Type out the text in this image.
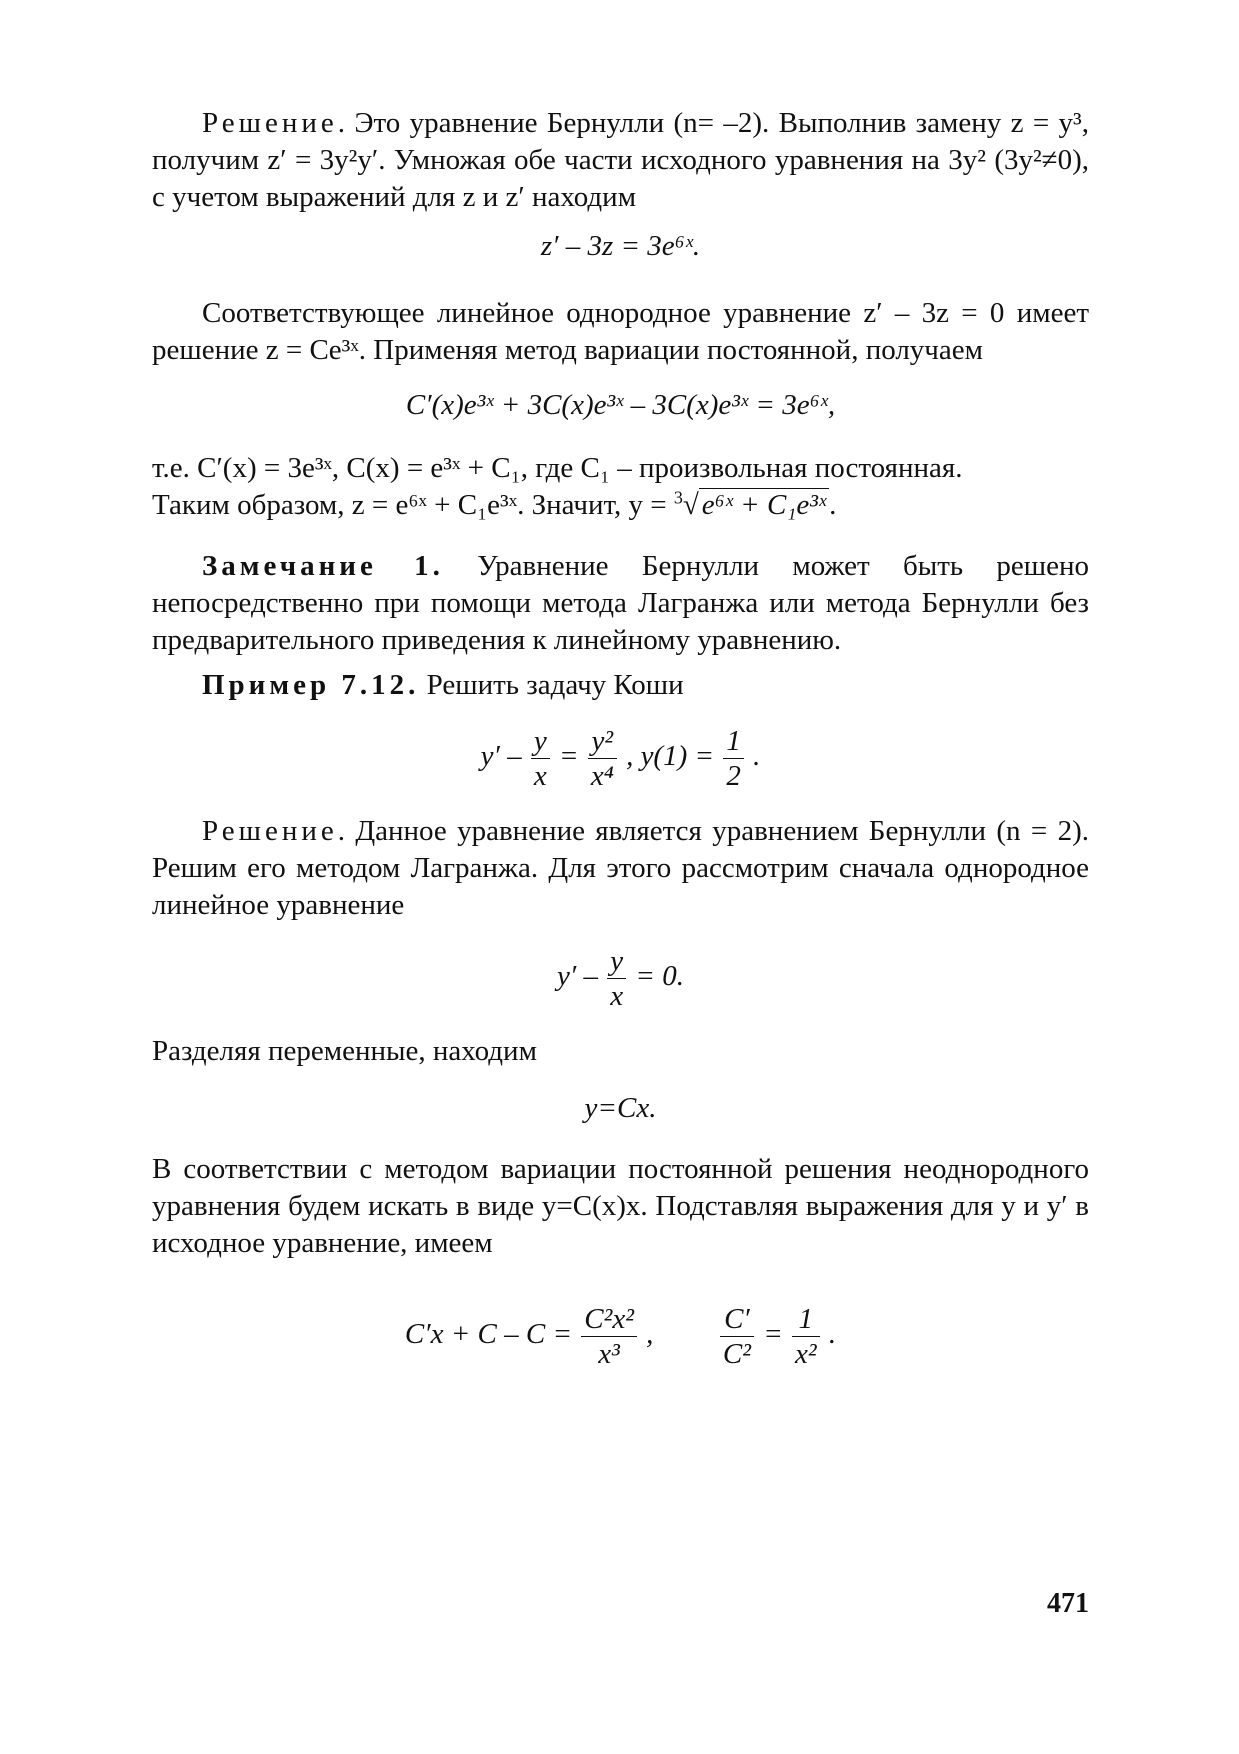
Решение. Это уравнение Бернулли (n= –2). Выполнив замену z = y³, получим z′ = 3y²y′. Умножая обе части исходного уравнения на 3y² (3y²≠0), с учетом выражений для z и z′ находим

z′ – 3z = 3e⁶ˣ.

Соответствующее линейное однородное уравнение z′ – 3z = 0 имеет решение z = Ce³ˣ. Применяя метод вариации постоянной, получаем

C′(x)e³ˣ + 3C(x)e³ˣ – 3C(x)e³ˣ = 3e⁶ˣ,

т.е. C′(x) = 3e³ˣ, C(x) = e³ˣ + C₁, где C₁ – произвольная постоянная.

Таким образом, z = e⁶ˣ + C₁e³ˣ. Значит, y = $^3$√ e⁶ˣ + C₁e³ˣ .

Замечание 1. Уравнение Бернулли может быть решено непосредственно при помощи метода Лагранжа или метода Бернулли без предварительного приведения к линейному уравнению.

Пример 7.12. Решить задачу Коши

$y' - \frac{y}{x} = \frac{\text{y²}}{\text{x⁴}}$ , $y(1) = \frac{1}{2}$ .

Решение. Данное уравнение является уравнением Бернулли (n = 2). Решим его методом Лагранжа. Для этого рассмотрим сначала однородное линейное уравнение

$y' - \frac{y}{x} = 0$.

Разделяя переменные, находим

y=Cx.

В соответствии с методом вариации постоянной решения неоднородного уравнения будем искать в виде y=C(x)x. Подставляя выражения для y и y′ в исходное уравнение, имеем

$C'x + C - C = \frac{\text{C²x²}}{\text{x³}}$ , $\frac{C'}{\text{C²}} = \frac{1}{\text{x²}}$ .
471
